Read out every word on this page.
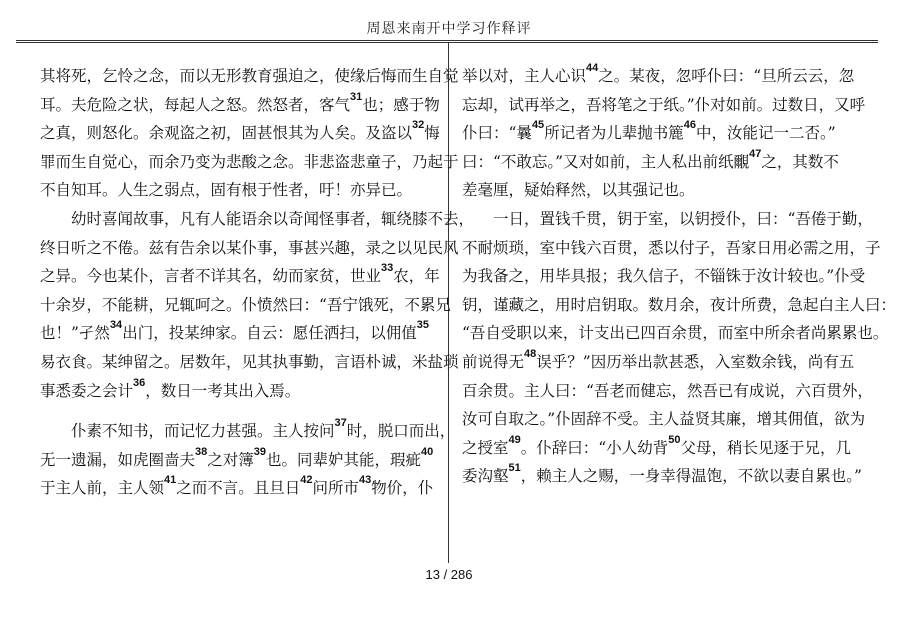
周恩来南开中学习作释评
其将死，乞怜之念，而以无形教育强迫之，使缘后悔而生自觉
耳。夫危险之状，每起人之怒。然怒者，客气$^{31}$也；感于物
之真，则怒化。余观盗之初，固甚恨其为人矣。及盗以$^{32}$悔
罪而生自觉心，而余乃变为悲酸之念。非悲盗悲童子，乃起于
不自知耳。人生之弱点，固有根于性者，吁！亦异已。
　　幼时喜闻故事，凡有人能语余以奇闻怪事者，辄绕膝不去，
终日听之不倦。兹有告余以某仆事，事甚兴趣，录之以见民风
之异。今也某仆，言者不详其名，幼而家贫，世业$^{33}$农，年
十余岁，不能耕，兄辄呵之。仆愤然曰：“吾宁饿死，不累兄
也！”孑然$^{34}$出门，投某绅家。自云：愿任洒扫，以佣值$^{35}$
易衣食。某绅留之。居数年，见其执事勤，言语朴诚，米盐琐
事悉委之会计$^{36}$，数日一考其出入焉。
　　仆素不知书，而记忆力甚强。主人按问$^{37}$时，脱口而出，
无一遗漏，如虎圈啬夫$^{38}$之对簿$^{39}$也。同辈妒其能，瑕疵$^{40}$
于主人前，主人领$^{41}$之而不言。且旦日$^{42}$问所市$^{43}$物价，仆
举以对，主人心识$^{44}$之。某夜，忽呼仆曰：“旦所云云，忽
忘却，试再举之，吾将笔之于纸。”仆对如前。过数日，又呼
仆曰：“曩$^{45}$所记者为儿辈抛书簏$^{46}$中，汝能记一二否。”
曰：“不敢忘。”又对如前，主人私出前纸覼$^{47}$之，其数不
差毫厘，疑始释然，以其强记也。
　　一日，置钱千贯，钥于室，以钥授仆，曰：“吾倦于勤，
不耐烦琐，室中钱六百贯，悉以付子，吾家日用必需之用，子
为我备之，用毕具报；我久信子，不锱铢于汝计较也。”仆受
钥，谨藏之，用时启钥取。数月余，夜计所费，急起白主人曰：
“吾自受职以来，计支出已四百余贯，而室中所余者尚累累也。
前说得无$^{48}$误乎？”因历举出款甚悉，入室数余钱，尚有五
百余贯。主人曰：“吾老而健忘，然吾已有成说，六百贯外，
汝可自取之。”仆固辞不受。主人益贤其廉，增其佣值，欲为
之授室$^{49}$。仆辞曰：“小人幼背$^{50}$父母，稍长见逐于兄，几
委沟壑$^{51}$，赖主人之赐，一身幸得温饱，不欲以妻自累也。”
13 / 286
